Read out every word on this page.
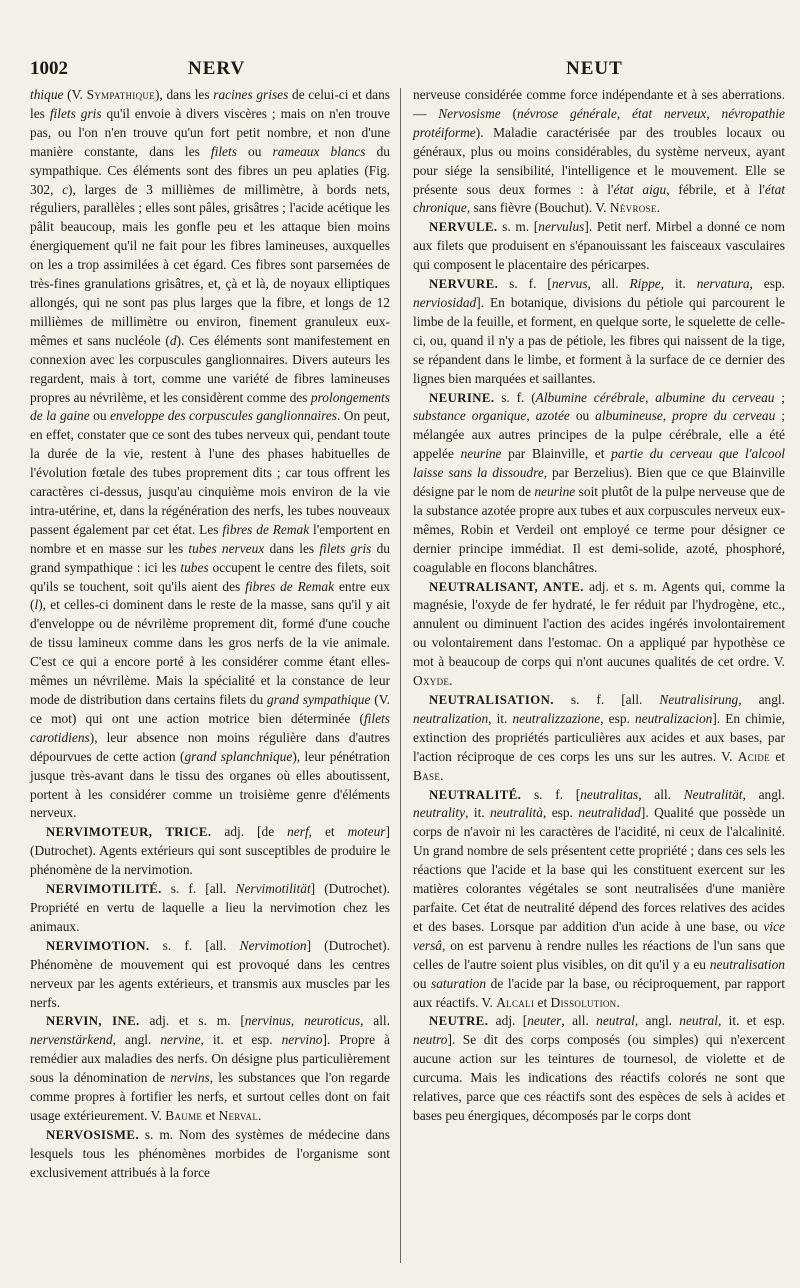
1002	NERV	NEUT

thique (V. Sympathique), dans les racines grises de celui-ci et dans les filets gris qu'il envoie à divers viscères ; mais on n'en trouve pas, ou l'on n'en trouve qu'un fort petit nombre, et non d'une manière constante, dans les filets ou rameaux blancs du sympathique. Ces éléments sont des fibres un peu aplaties (Fig. 302, c), larges de 3 millièmes de millimètre, à bords nets, réguliers, parallèles ; elles sont pâles, grisâtres ; l'acide acétique les pâlit beaucoup, mais les gonfle peu et les attaque bien moins énergiquement qu'il ne fait pour les fibres lamineuses, auxquelles on les a trop assimilées à cet égard. Ces fibres sont parsemées de très-fines granulations grisâtres, et, çà et là, de noyaux elliptiques allongés, qui ne sont pas plus larges que la fibre, et longs de 12 millièmes de millimètre ou environ, finement granuleux eux-mêmes et sans nucléole (d). Ces éléments sont manifestement en connexion avec les corpuscules ganglionnaires. Divers auteurs les regardent, mais à tort, comme une variété de fibres lamineuses propres au névrilème, et les considèrent comme des prolongements de la gaine ou enveloppe des corpuscules ganglionnaires. On peut, en effet, constater que ce sont des tubes nerveux qui, pendant toute la durée de la vie, restent à l'une des phases habituelles de l'évolution fœtale des tubes proprement dits ; car tous offrent les caractères ci-dessus, jusqu'au cinquième mois environ de la vie intra-utérine, et, dans la régénération des nerfs, les tubes nouveaux passent également par cet état. Les fibres de Remak l'emportent en nombre et en masse sur les tubes nerveux dans les filets gris du grand sympathique : ici les tubes occupent le centre des filets, soit qu'ils se touchent, soit qu'ils aient des fibres de Remak entre eux (l), et celles-ci dominent dans le reste de la masse, sans qu'il y ait d'enveloppe ou de névrilème proprement dit, formé d'une couche de tissu lamineux comme dans les gros nerfs de la vie animale. C'est ce qui a encore porté à les considérer comme étant elles-mêmes un névrilème. Mais la spécialité et la constance de leur mode de distribution dans certains filets du grand sympathique (V. ce mot) qui ont une action motrice bien déterminée (filets carotidiens), leur absence non moins régulière dans d'autres dépourvues de cette action (grand splanchnique), leur pénétration jusque très-avant dans le tissu des organes où elles aboutissent, portent à les considérer comme un troisième genre d'éléments nerveux.

NERVIMOTEUR, TRICE. adj. [de nerf, et moteur] (Dutrochet). Agents extérieurs qui sont susceptibles de produire le phénomène de la nervimotion.

NERVIMOTILITÉ. s. f. [all. Nervimotilität] (Dutrochet). Propriété en vertu de laquelle a lieu la nervimotion chez les animaux.

NERVIMOTION. s. f. [all. Nervimotion] (Dutrochet). Phénomène de mouvement qui est provoqué dans les centres nerveux par les agents extérieurs, et transmis aux muscles par les nerfs.

NERVIN, INE. adj. et s. m. [nervinus, neuroticus, all. nervenstärkend, angl. nervine, it. et esp. nervino]. Propre à remédier aux maladies des nerfs. On désigne plus particulièrement sous la dénomination de nervins, les substances que l'on regarde comme propres à fortifier les nerfs, et surtout celles dont on fait usage extérieurement. V. Baume et Nerval.

NERVOSISME. s. m. Nom des systèmes de médecine dans lesquels tous les phénomènes morbides de l'organisme sont exclusivement attribués à la force

nerveuse considérée comme force indépendante et à ses aberrations. — Nervosisme (névrose générale, état nerveux, névropathie protéiforme). Maladie caractérisée par des troubles locaux ou généraux, plus ou moins considérables, du système nerveux, ayant pour siége la sensibilité, l'intelligence et le mouvement. Elle se présente sous deux formes : à l'état aigu, fébrile, et à l'état chronique, sans fièvre (Bouchut). V. Névrose.

NERVULE. s. m. [nervulus]. Petit nerf. Mirbel a donné ce nom aux filets que produisent en s'épanouissant les faisceaux vasculaires qui composent le placentaire des péricarpes.

NERVURE. s. f. [nervus, all. Rippe, it. nervatura, esp. nerviosidad]. En botanique, divisions du pétiole qui parcourent le limbe de la feuille, et forment, en quelque sorte, le squelette de celle-ci, ou, quand il n'y a pas de pétiole, les fibres qui naissent de la tige, se répandent dans le limbe, et forment à la surface de ce dernier des lignes bien marquées et saillantes.

NEURINE. s. f. (Albumine cérébrale, albumine du cerveau ; substance organique, azotée ou albumineuse, propre du cerveau ; mélangée aux autres principes de la pulpe cérébrale, elle a été appelée neurine par Blainville, et partie du cerveau que l'alcool laisse sans la dissoudre, par Berzelius). Bien que ce que Blainville désigne par le nom de neurine soit plutôt de la pulpe nerveuse que de la substance azotée propre aux tubes et aux corpuscules nerveux eux-mêmes, Robin et Verdeil ont employé ce terme pour désigner ce dernier principe immédiat. Il est demi-solide, azoté, phosphoré, coagulable en flocons blanchâtres.

NEUTRALISANT, ANTE. adj. et s. m. Agents qui, comme la magnésie, l'oxyde de fer hydraté, le fer réduit par l'hydrogène, etc., annulent ou diminuent l'action des acides ingérés involontairement ou volontairement dans l'estomac. On a appliqué par hypothèse ce mot à beaucoup de corps qui n'ont aucunes qualités de cet ordre. V. Oxyde.

NEUTRALISATION. s. f. [all. Neutralisirung, angl. neutralization, it. neutralizzazione, esp. neutralizacion]. En chimie, extinction des propriétés particulières aux acides et aux bases, par l'action réciproque de ces corps les uns sur les autres. V. Acide et Base.

NEUTRALITÉ. s. f. [neutralitas, all. Neutralität, angl. neutrality, it. neutralità, esp. neutralidad]. Qualité que possède un corps de n'avoir ni les caractères de l'acidité, ni ceux de l'alcalinité. Un grand nombre de sels présentent cette propriété ; dans ces sels les réactions que l'acide et la base qui les constituent exercent sur les matières colorantes végétales se sont neutralisées d'une manière parfaite. Cet état de neutralité dépend des forces relatives des acides et des bases. Lorsque par addition d'un acide à une base, ou vice versâ, on est parvenu à rendre nulles les réactions de l'un sans que celles de l'autre soient plus visibles, on dit qu'il y a eu neutralisation ou saturation de l'acide par la base, ou réciproquement, par rapport aux réactifs. V. Alcali et Dissolution.

NEUTRE. adj. [neuter, all. neutral, angl. neutral, it. et esp. neutro]. Se dit des corps composés (ou simples) qui n'exercent aucune action sur les teintures de tournesol, de violette et de curcuma. Mais les indications des réactifs colorés ne sont que relatives, parce que ces réactifs sont des espèces de sels à acides et bases peu énergiques, décomposés par le corps dont
